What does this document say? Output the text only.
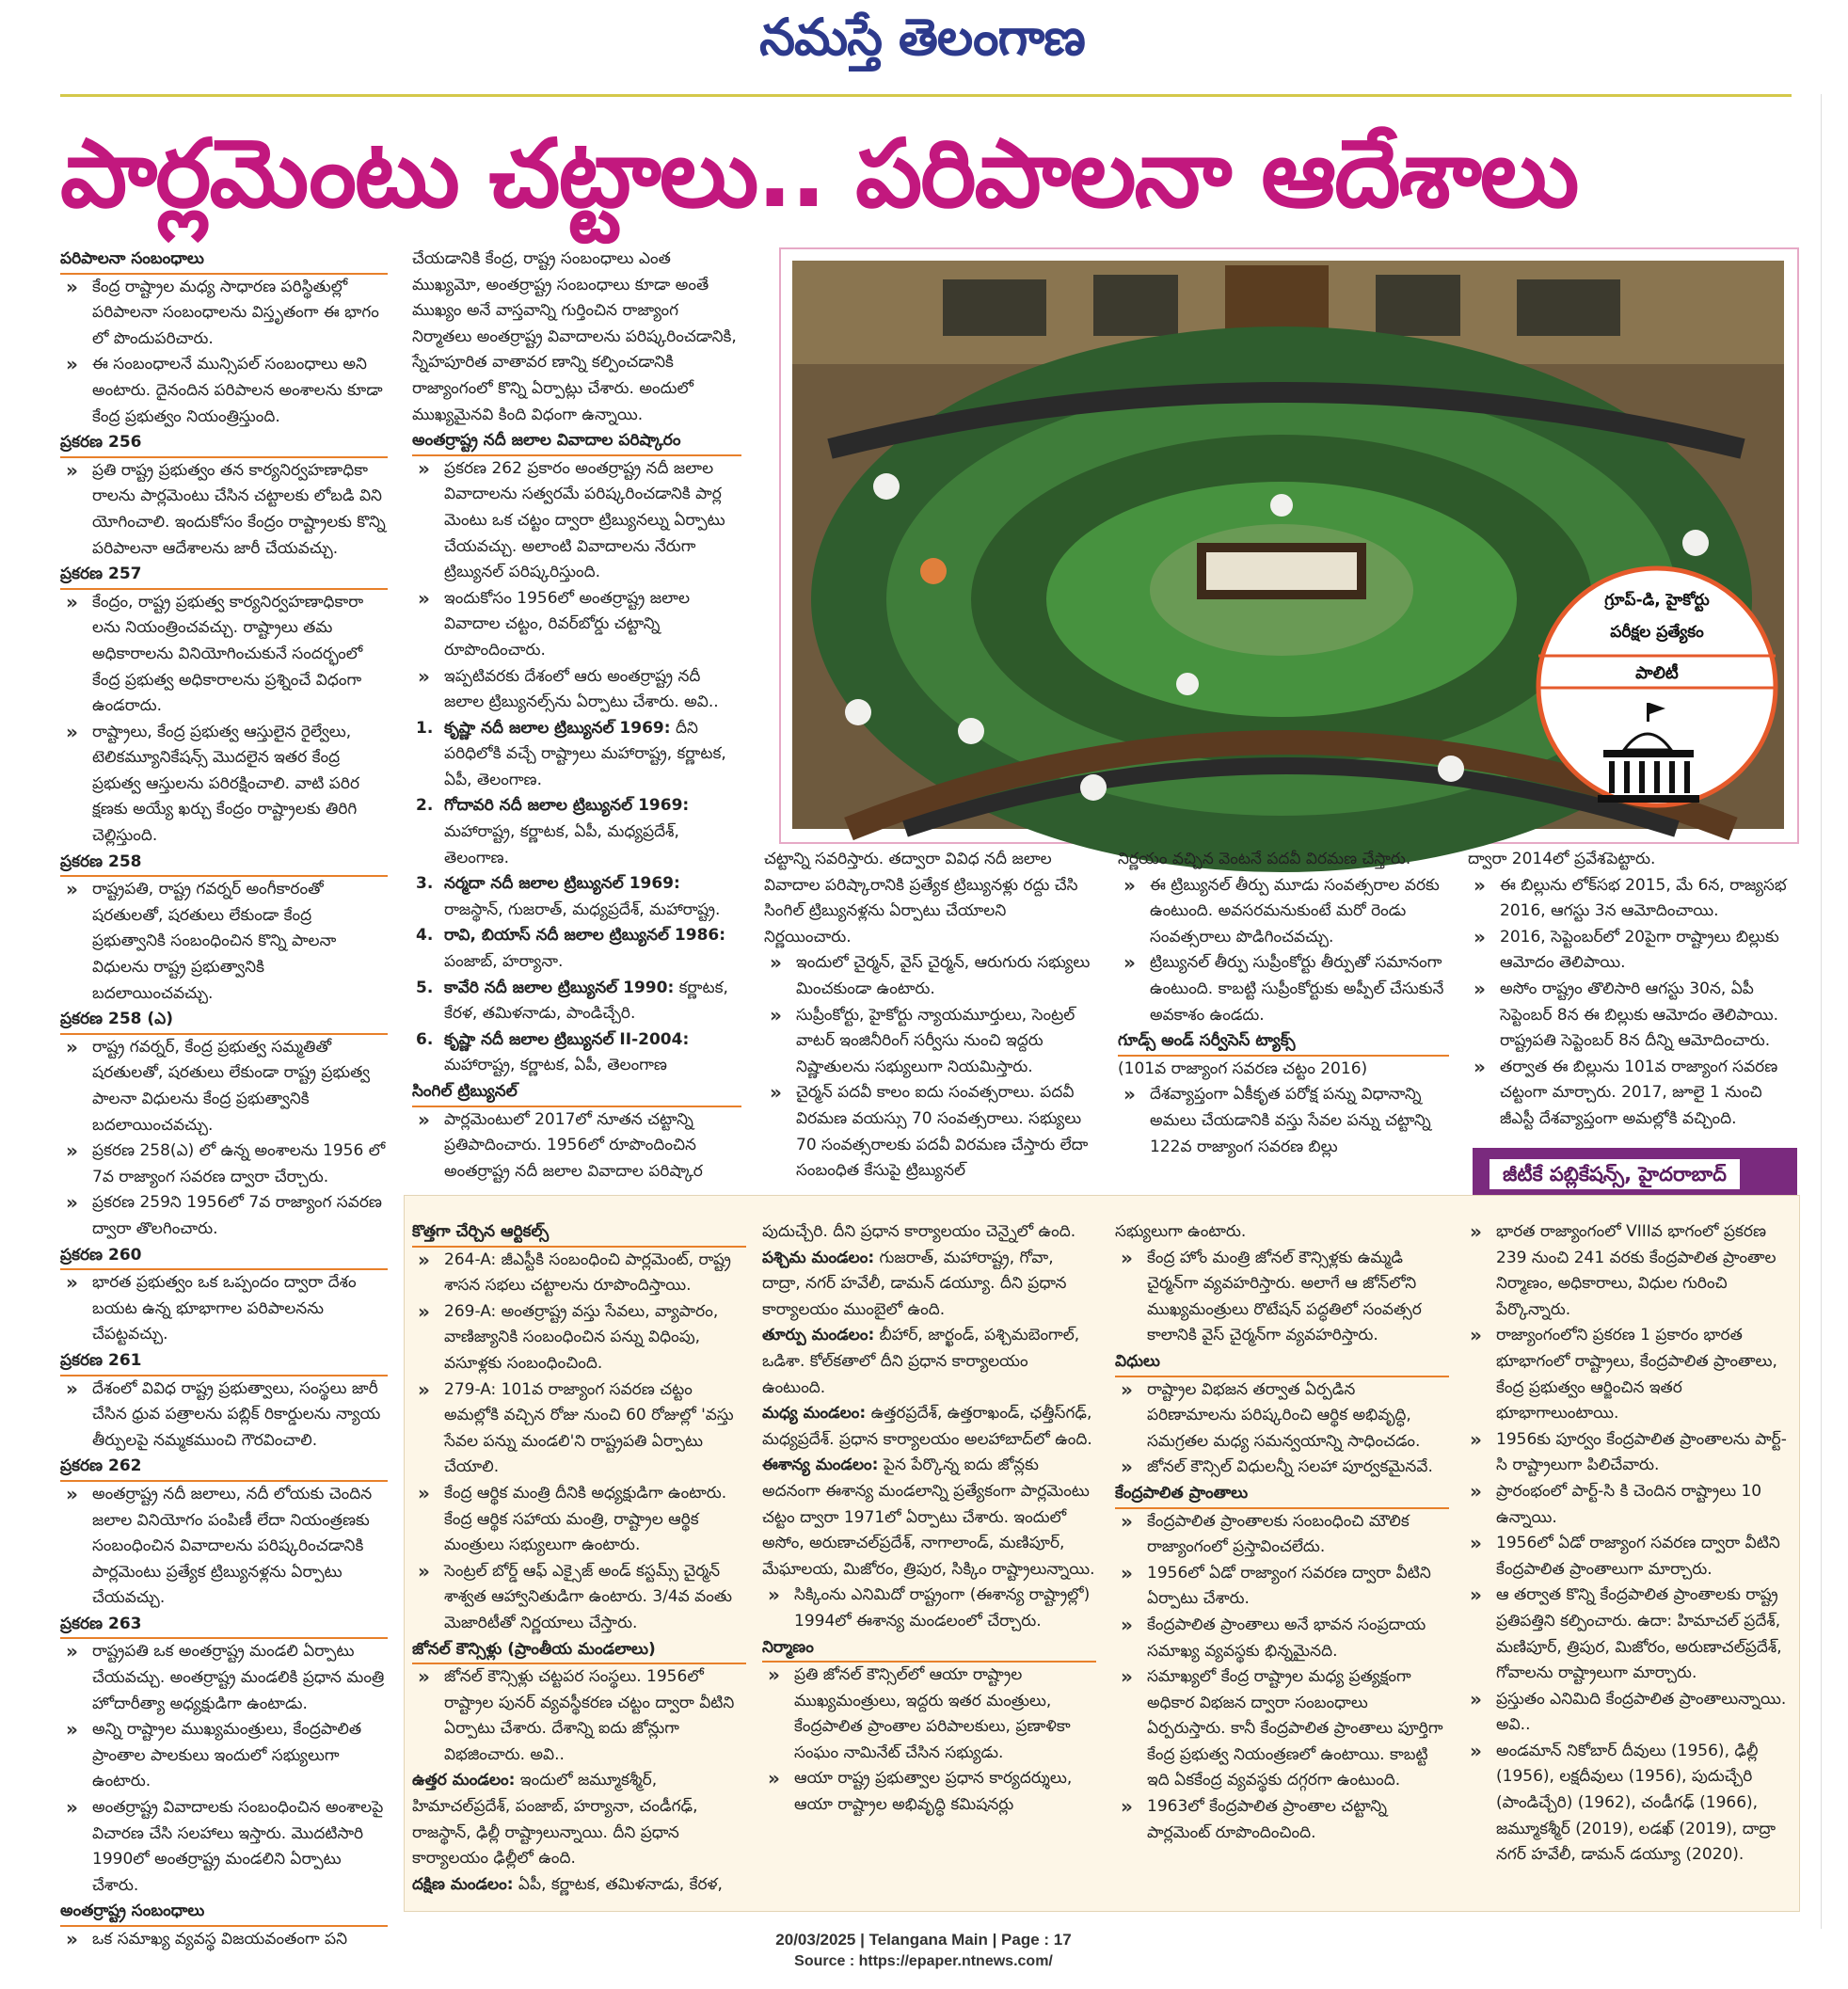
నమస్తే తెలంగాణ
పార్లమెంటు చట్టాలు.. పరిపాలనా ఆదేశాలు

పరిపాలనా సంబంధాలు

» కేంద్ర రాష్ట్రాల మధ్య సాధారణ పరిస్థితుల్లో పరిపాలనా సంబంధాలను విస్తృతంగా ఈ భాగం లో పొందుపరిచారు.

» ఈ సంబంధాలనే మున్సిపల్ సంబంధాలు అని అంటారు. దైనందిన పరిపాలన అంశాలను కూడా కేంద్ర ప్రభుత్వం నియంత్రిస్తుంది.

ప్రకరణ 256

» ప్రతి రాష్ట్ర ప్రభుత్వం తన కార్యనిర్వహణాధికా రాలను పార్లమెంటు చేసిన చట్టాలకు లోబడి విని యోగించాలి. ఇందుకోసం కేంద్రం రాష్ట్రాలకు కొన్ని పరిపాలనా ఆదేశాలను జారీ చేయవచ్చు.

ప్రకరణ 257

» కేంద్రం, రాష్ట్ర ప్రభుత్వ కార్యనిర్వహణాధికారా లను నియంత్రించవచ్చు. రాష్ట్రాలు తమ అధికారాలను వినియోగించుకునే సందర్భంలో కేంద్ర ప్రభుత్వ అధికారాలను ప్రశ్నించే విధంగా ఉండరాదు.

» రాష్ట్రాలు, కేంద్ర ప్రభుత్వ ఆస్తులైన రైల్వేలు, టెలికమ్యూనికేషన్స్ మొదలైన ఇతర కేంద్ర ప్రభుత్వ ఆస్తులను పరిరక్షించాలి. వాటి పరిర క్షణకు అయ్యే ఖర్చు కేంద్రం రాష్ట్రాలకు తిరిగి చెల్లిస్తుంది.

ప్రకరణ 258

» రాష్ట్రపతి, రాష్ట్ర గవర్నర్ అంగీకారంతో షరతులతో, షరతులు లేకుండా కేంద్ర ప్రభుత్వానికి సంబంధించిన కొన్ని పాలనా విధులను రాష్ట్ర ప్రభుత్వానికి బదలాయించవచ్చు.

ప్రకరణ 258 (ఎ)

» రాష్ట్ర గవర్నర్, కేంద్ర ప్రభుత్వ సమ్మతితో షరతులతో, షరతులు లేకుండా రాష్ట్ర ప్రభుత్వ పాలనా విధులను కేంద్ర ప్రభుత్వానికి బదలాయించవచ్చు.

» ప్రకరణ 258(ఎ) లో ఉన్న అంశాలను 1956 లో 7వ రాజ్యాంగ సవరణ ద్వారా చేర్చారు.

» ప్రకరణ 259ని 1956లో 7వ రాజ్యాంగ సవరణ ద్వారా తొలగించారు.

ప్రకరణ 260

» భారత ప్రభుత్వం ఒక ఒప్పందం ద్వారా దేశం బయట ఉన్న భూభాగాల పరిపాలనను చేపట్టవచ్చు.

ప్రకరణ 261

» దేశంలో వివిధ రాష్ట్ర ప్రభుత్వాలు, సంస్థలు జారీ చేసిన ధ్రువ పత్రాలను పబ్లిక్ రికార్డులను న్యాయ తీర్పులపై నమ్మకముంచి గౌరవించాలి.

ప్రకరణ 262

» అంతర్రాష్ట్ర నదీ జలాలు, నదీ లోయకు చెందిన జలాల వినియోగం పంపిణీ లేదా నియంత్రణకు సంబంధించిన వివాదాలను పరిష్కరించడానికి పార్లమెంటు ప్రత్యేక ట్రిబ్యునళ్లను ఏర్పాటు చేయవచ్చు.

ప్రకరణ 263

» రాష్ట్రపతి ఒక అంతర్రాష్ట్ర మండలి ఏర్పాటు చేయవచ్చు. అంతర్రాష్ట్ర మండలికి ప్రధాన మంత్రి హోదారీత్యా అధ్యక్షుడిగా ఉంటాడు.

» అన్ని రాష్ట్రాల ముఖ్యమంత్రులు, కేంద్రపాలిత ప్రాంతాల పాలకులు ఇందులో సభ్యులుగా ఉంటారు.

» అంతర్రాష్ట్ర వివాదాలకు సంబంధించిన అంశాలపై విచారణ చేసి సలహాలు ఇస్తారు. మొదటిసారి 1990లో అంతర్రాష్ట్ర మండలిని ఏర్పాటు చేశారు.

అంతర్రాష్ట్ర సంబంధాలు

» ఒక సమాఖ్య వ్యవస్థ విజయవంతంగా పని

చేయడానికి కేంద్ర, రాష్ట్ర సంబంధాలు ఎంత ముఖ్యమో, అంతర్రాష్ట్ర సంబంధాలు కూడా అంతే ముఖ్యం అనే వాస్తవాన్ని గుర్తించిన రాజ్యాంగ నిర్మాతలు అంతర్రాష్ట్ర వివాదాలను పరిష్కరించడానికి, స్నేహపూరిత వాతావర ణాన్ని కల్పించడానికి రాజ్యాంగంలో కొన్ని ఏర్పాట్లు చేశారు. అందులో ముఖ్యమైనవి కింది విధంగా ఉన్నాయి.

అంతర్రాష్ట్ర నదీ జలాల వివాదాల పరిష్కారం

» ప్రకరణ 262 ప్రకారం అంతర్రాష్ట్ర నదీ జలాల వివాదాలను సత్వరమే పరిష్కరించడానికి పార్ల మెంటు ఒక చట్టం ద్వారా ట్రిబ్యునల్ను ఏర్పాటు చేయవచ్చు. అలాంటి వివాదాలను నేరుగా ట్రిబ్యునల్ పరిష్కరిస్తుంది.

» ఇందుకోసం 1956లో అంతర్రాష్ట్ర జలాల వివాదాల చట్టం, రివర్‌బోర్డు చట్టాన్ని రూపొందించారు.

» ఇప్పటివరకు దేశంలో ఆరు అంతర్రాష్ట్ర నదీ జలాల ట్రిబ్యునల్స్‌ను ఏర్పాటు చేశారు. అవి..

1. కృష్ణా నదీ జలాల ట్రిబ్యునల్ 1969: దీని పరిధిలోకి వచ్చే రాష్ట్రాలు మహారాష్ట్ర, కర్ణాటక, ఏపీ, తెలంగాణ.

2. గోదావరి నదీ జలాల ట్రిబ్యునల్ 1969: మహారాష్ట్ర, కర్ణాటక, ఏపీ, మధ్యప్రదేశ్, తెలంగాణ.

3. నర్మదా నదీ జలాల ట్రిబ్యునల్ 1969: రాజస్థాన్, గుజరాత్, మధ్యప్రదేశ్, మహారాష్ట్ర.

4. రావి, బియాస్ నదీ జలాల ట్రిబ్యునల్ 1986: పంజాబ్, హర్యానా.

5. కావేరి నదీ జలాల ట్రిబ్యునల్ 1990: కర్ణాటక, కేరళ, తమిళనాడు, పాండిచ్చేరి.

6. కృష్ణా నదీ జలాల ట్రిబ్యునల్ II-2004: మహారాష్ట్ర, కర్ణాటక, ఏపీ, తెలంగాణ

సింగిల్ ట్రిబ్యునల్

» పార్లమెంటులో 2017లో నూతన చట్టాన్ని ప్రతిపాదించారు. 1956లో రూపొందించిన అంతర్రాష్ట్ర నదీ జలాల వివాదాల పరిష్కార

గ్రూప్-డి, హైకోర్టు
పరీక్షల ప్రత్యేకం
పాలిటీ

చట్టాన్ని సవరిస్తారు. తద్వారా వివిధ నదీ జలాల వివాదాల పరిష్కారానికి ప్రత్యేక ట్రిబ్యునళ్లు రద్దు చేసి సింగిల్ ట్రిబ్యునళ్లను ఏర్పాటు చేయాలని నిర్ణయించారు.

» ఇందులో చైర్మన్, వైస్ చైర్మన్, ఆరుగురు సభ్యులు మించకుండా ఉంటారు.

» సుప్రీంకోర్టు, హైకోర్టు న్యాయమూర్తులు, సెంట్రల్ వాటర్ ఇంజినీరింగ్ సర్వీసు నుంచి ఇద్దరు నిష్ణాతులను సభ్యులుగా నియమిస్తారు.

» చైర్మన్ పదవీ కాలం ఐదు సంవత్సరాలు. పదవీ విరమణ వయస్సు 70 సంవత్సరాలు. సభ్యులు 70 సంవత్సరాలకు పదవీ విరమణ చేస్తారు లేదా సంబంధిత కేసుపై ట్రిబ్యునల్

నిర్ణయం వచ్చిన వెంటనే పదవీ విరమణ చేస్తారు.

» ఈ ట్రిబ్యునల్ తీర్పు మూడు సంవత్సరాల వరకు ఉంటుంది. అవసరమనుకుంటే మరో రెండు సంవత్సరాలు పొడిగించవచ్చు.

» ట్రిబ్యునల్ తీర్పు సుప్రీంకోర్టు తీర్పుతో సమానంగా ఉంటుంది. కాబట్టి సుప్రీంకోర్టుకు అప్పీల్ చేసుకునే అవకాశం ఉండదు.

గూడ్స్ అండ్ సర్వీసెస్ ట్యాక్స్

(101వ రాజ్యాంగ సవరణ చట్టం 2016)

» దేశవ్యాప్తంగా ఏకీకృత పరోక్ష పన్ను విధానాన్ని అమలు చేయడానికి వస్తు సేవల పన్ను చట్టాన్ని 122వ రాజ్యాంగ సవరణ బిల్లు

ద్వారా 2014లో ప్రవేశపెట్టారు.

» ఈ బిల్లును లోక్‌సభ 2015, మే 6న, రాజ్యసభ 2016, ఆగస్టు 3న ఆమోదించాయి.

» 2016, సెప్టెంబర్‌లో 20పైగా రాష్ట్రాలు బిల్లుకు ఆమోదం తెలిపాయి.

» అసోం రాష్ట్రం తొలిసారి ఆగస్టు 30న, ఏపీ సెప్టెంబర్ 8న ఈ బిల్లుకు ఆమోదం తెలిపాయి. రాష్ట్రపతి సెప్టెంబర్ 8న దీన్ని ఆమోదించారు.

» తర్వాత ఈ బిల్లును 101వ రాజ్యాంగ సవరణ చట్టంగా మార్చారు. 2017, జూలై 1 నుంచి జీఎస్టీ దేశవ్యాప్తంగా అమల్లోకి వచ్చింది.

జీటీకే పబ్లికేషన్స్, హైదరాబాద్

కొత్తగా చేర్చిన ఆర్టికల్స్

» 264-A: జీఎస్టీకి సంబంధించి పార్లమెంట్, రాష్ట్ర శాసన సభలు చట్టాలను రూపొందిస్తాయి.

» 269-A: అంతర్రాష్ట్ర వస్తు సేవలు, వ్యాపారం, వాణిజ్యానికి సంబంధించిన పన్ను విధింపు, వసూళ్లకు సంబంధించింది.

» 279-A: 101వ రాజ్యాంగ సవరణ చట్టం అమల్లోకి వచ్చిన రోజు నుంచి 60 రోజుల్లో 'వస్తు సేవల పన్ను మండలి'ని రాష్ట్రపతి ఏర్పాటు చేయాలి.

» కేంద్ర ఆర్థిక మంత్రి దీనికి అధ్యక్షుడిగా ఉంటారు. కేంద్ర ఆర్థిక సహాయ మంత్రి, రాష్ట్రాల ఆర్థిక మంత్రులు సభ్యులుగా ఉంటారు.

» సెంట్రల్ బోర్డ్ ఆఫ్ ఎక్సైజ్ అండ్ కస్టమ్స్ చైర్మన్ శాశ్వత ఆహ్వానితుడిగా ఉంటారు. 3/4వ వంతు మెజారిటీతో నిర్ణయాలు చేస్తారు.

జోనల్ కౌన్సిళ్లు (ప్రాంతీయ మండలాలు)

» జోనల్ కౌన్సిళ్లు చట్టపర సంస్థలు. 1956లో రాష్ట్రాల పునర్ వ్యవస్థీకరణ చట్టం ద్వారా వీటిని ఏర్పాటు చేశారు. దేశాన్ని ఐదు జోన్లుగా విభజించారు. అవి..

ఉత్తర మండలం: ఇందులో జమ్మూకశ్మీర్, హిమాచల్‌ప్రదేశ్, పంజాబ్, హర్యానా, చండీగఢ్, రాజస్థాన్, ఢిల్లీ రాష్ట్రాలున్నాయి. దీని ప్రధాన కార్యాలయం ఢిల్లీలో ఉంది.

దక్షిణ మండలం: ఏపీ, కర్ణాటక, తమిళనాడు, కేరళ,

పుదుచ్చేరి. దీని ప్రధాన కార్యాలయం చెన్నైలో ఉంది.

పశ్చిమ మండలం: గుజరాత్, మహారాష్ట్ర, గోవా, దాద్రా, నగర్ హవేలీ, డామన్ డయ్యూ. దీని ప్రధాన కార్యాలయం ముంబైలో ఉంది.

తూర్పు మండలం: బీహార్, జార్ఖండ్, పశ్చిమబెంగాల్, ఒడిశా. కోల్‌కతాలో దీని ప్రధాన కార్యాలయం ఉంటుంది.

మధ్య మండలం: ఉత్తరప్రదేశ్, ఉత్తరాఖండ్, ఛత్తీస్‌గఢ్, మధ్యప్రదేశ్. ప్రధాన కార్యాలయం అలహాబాద్‌లో ఉంది.

ఈశాన్య మండలం: పైన పేర్కొన్న ఐదు జోన్లకు అదనంగా ఈశాన్య మండలాన్ని ప్రత్యేకంగా పార్లమెంటు చట్టం ద్వారా 1971లో ఏర్పాటు చేశారు. ఇందులో అసోం, అరుణాచల్‌ప్రదేశ్, నాగాలాండ్, మణిపూర్, మేఘాలయ, మిజోరం, త్రిపుర, సిక్కిం రాష్ట్రాలున్నాయి.

» సిక్కింను ఎనిమిదో రాష్ట్రంగా (ఈశాన్య రాష్ట్రాల్లో) 1994లో ఈశాన్య మండలంలో చేర్చారు.

నిర్మాణం

» ప్రతి జోనల్ కౌన్సిల్‌లో ఆయా రాష్ట్రాల ముఖ్యమంత్రులు, ఇద్దరు ఇతర మంత్రులు, కేంద్రపాలిత ప్రాంతాల పరిపాలకులు, ప్రణాళికా సంఘం నామినేట్ చేసిన సభ్యుడు.

» ఆయా రాష్ట్ర ప్రభుత్వాల ప్రధాన కార్యదర్శులు, ఆయా రాష్ట్రాల అభివృద్ధి కమిషనర్లు

సభ్యులుగా ఉంటారు.

» కేంద్ర హోం మంత్రి జోనల్ కౌన్సిళ్లకు ఉమ్మడి చైర్మన్‌గా వ్యవహరిస్తారు. అలాగే ఆ జోన్‌లోని ముఖ్యమంత్రులు రొటేషన్ పద్ధతిలో సంవత్సర కాలానికి వైస్ చైర్మన్‌గా వ్యవహరిస్తారు.

విధులు

» రాష్ట్రాల విభజన తర్వాత ఏర్పడిన పరిణామాలను పరిష్కరించి ఆర్థిక అభివృద్ధి, సమగ్రతల మధ్య సమన్వయాన్ని సాధించడం.

» జోనల్ కౌన్సిల్ విధులన్నీ సలహా పూర్వకమైనవే.

కేంద్రపాలిత ప్రాంతాలు

» కేంద్రపాలిత ప్రాంతాలకు సంబంధించి మౌలిక రాజ్యాంగంలో ప్రస్తావించలేదు.

» 1956లో ఏడో రాజ్యాంగ సవరణ ద్వారా వీటిని ఏర్పాటు చేశారు.

» కేంద్రపాలిత ప్రాంతాలు అనే భావన సంప్రదాయ సమాఖ్య వ్యవస్థకు భిన్నమైనది.

» సమాఖ్యలో కేంద్ర రాష్ట్రాల మధ్య ప్రత్యక్షంగా అధికార విభజన ద్వారా సంబంధాలు ఏర్పరుస్తారు. కానీ కేంద్రపాలిత ప్రాంతాలు పూర్తిగా కేంద్ర ప్రభుత్వ నియంత్రణలో ఉంటాయి. కాబట్టి ఇది ఏకకేంద్ర వ్యవస్థకు దగ్గరగా ఉంటుంది.

» 1963లో కేంద్రపాలిత ప్రాంతాల చట్టాన్ని పార్లమెంట్ రూపొందించింది.

» భారత రాజ్యాంగంలో VIIIవ భాగంలో ప్రకరణ 239 నుంచి 241 వరకు కేంద్రపాలిత ప్రాంతాల నిర్మాణం, అధికారాలు, విధుల గురించి పేర్కొన్నారు.

» రాజ్యాంగంలోని ప్రకరణ 1 ప్రకారం భారత భూభాగంలో రాష్ట్రాలు, కేంద్రపాలిత ప్రాంతాలు, కేంద్ర ప్రభుత్వం ఆర్జించిన ఇతర భూభాగాలుంటాయి.

» 1956కు పూర్వం కేంద్రపాలిత ప్రాంతాలను పార్ట్-సి రాష్ట్రాలుగా పిలిచేవారు.

» ప్రారంభంలో పార్ట్-సి కి చెందిన రాష్ట్రాలు 10 ఉన్నాయి.

» 1956లో ఏడో రాజ్యాంగ సవరణ ద్వారా వీటిని కేంద్రపాలిత ప్రాంతాలుగా మార్చారు.

» ఆ తర్వాత కొన్ని కేంద్రపాలిత ప్రాంతాలకు రాష్ట్ర ప్రతిపత్తిని కల్పించారు. ఉదా: హిమాచల్ ప్రదేశ్, మణిపూర్, త్రిపుర, మిజోరం, అరుణాచల్‌ప్రదేశ్, గోవాలను రాష్ట్రాలుగా మార్చారు.

» ప్రస్తుతం ఎనిమిది కేంద్రపాలిత ప్రాంతాలున్నాయి. అవి..

» అండమాన్ నికోబార్ దీవులు (1956), ఢిల్లీ (1956), లక్షదీవులు (1956), పుదుచ్చేరి (పాండిచ్చేరి) (1962), చండీగఢ్ (1966), జమ్మూకశ్మీర్ (2019), లడఖ్ (2019), దాద్రా నగర్ హవేలీ, డామన్ డయ్యూ (2020).

20/03/2025 | Telangana Main | Page : 17
Source : https://epaper.ntnews.com/
